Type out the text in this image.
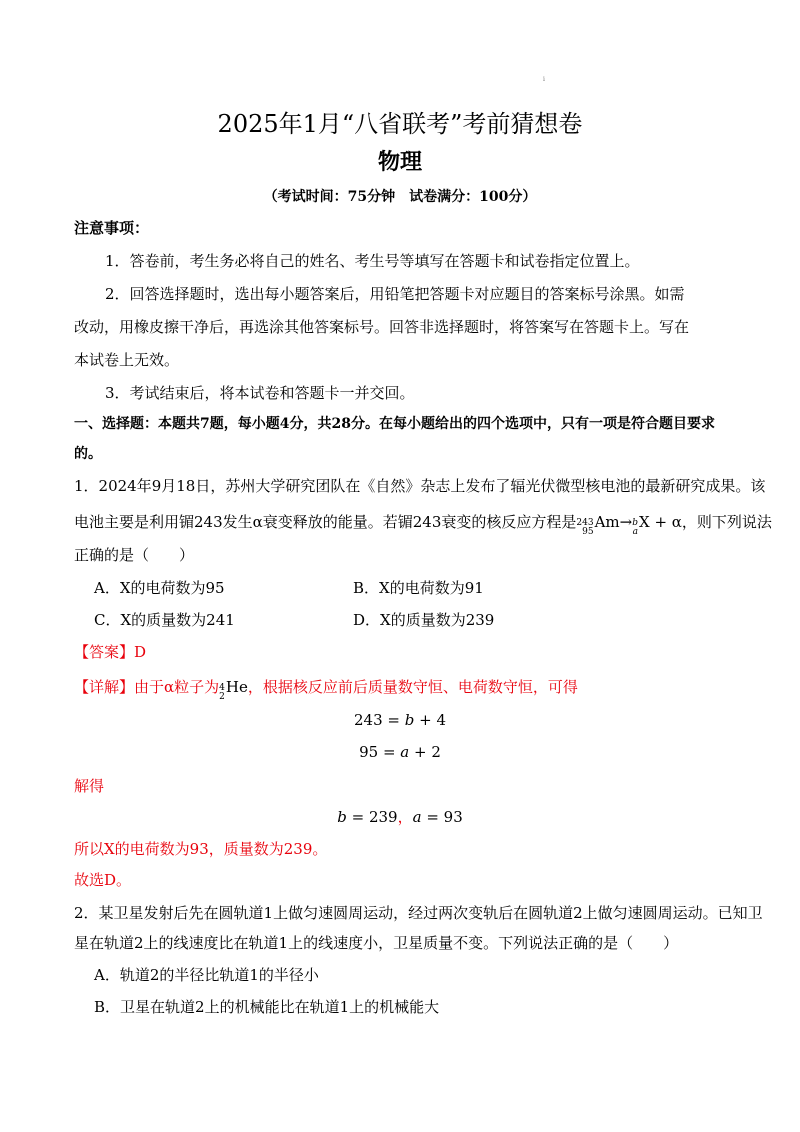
ⅰ
2025年1月“八省联考”考前猜想卷
物理
（考试时间：75分钟　试卷满分：100分）
注意事项：
1．答卷前，考生务必将自己的姓名、考生号等填写在答题卡和试卷指定位置上。
2．回答选择题时，选出每小题答案后，用铅笔把答题卡对应题目的答案标号涂黑。如需
改动，用橡皮擦干净后，再选涂其他答案标号。回答非选择题时，将答案写在答题卡上。写在
本试卷上无效。
3．考试结束后，将本试卷和答题卡一并交回。
一、选择题：本题共7题，每小题4分，共28分。在每小题给出的四个选项中，只有一项是符合题目要求
的。
1．2024年9月18日，苏州大学研究团队在《自然》杂志上发布了辐光伏微型核电池的最新研究成果。该
电池主要是利用镅243发生α衰变释放的能量。若镅243衰变的核反应方程是 243
95
Am→ b
a
X + α，则下列说法
正确的是（　　）
A．X的电荷数为95	B．X的电荷数为91
C．X的质量数为241	D．X的质量数为239
【答案】D
【详解】由于α粒子为 4
2
He，根据核反应前后质量数守恒、电荷数守恒，可得
243 = b + 4
95 = a + 2
解得
b = 239，a = 93
所以X的电荷数为93，质量数为239。
故选D。
2．某卫星发射后先在圆轨道1上做匀速圆周运动，经过两次变轨后在圆轨道2上做匀速圆周运动。已知卫
星在轨道2上的线速度比在轨道1上的线速度小，卫星质量不变。下列说法正确的是（　　）
A．轨道2的半径比轨道1的半径小
B．卫星在轨道2上的机械能比在轨道1上的机械能大
